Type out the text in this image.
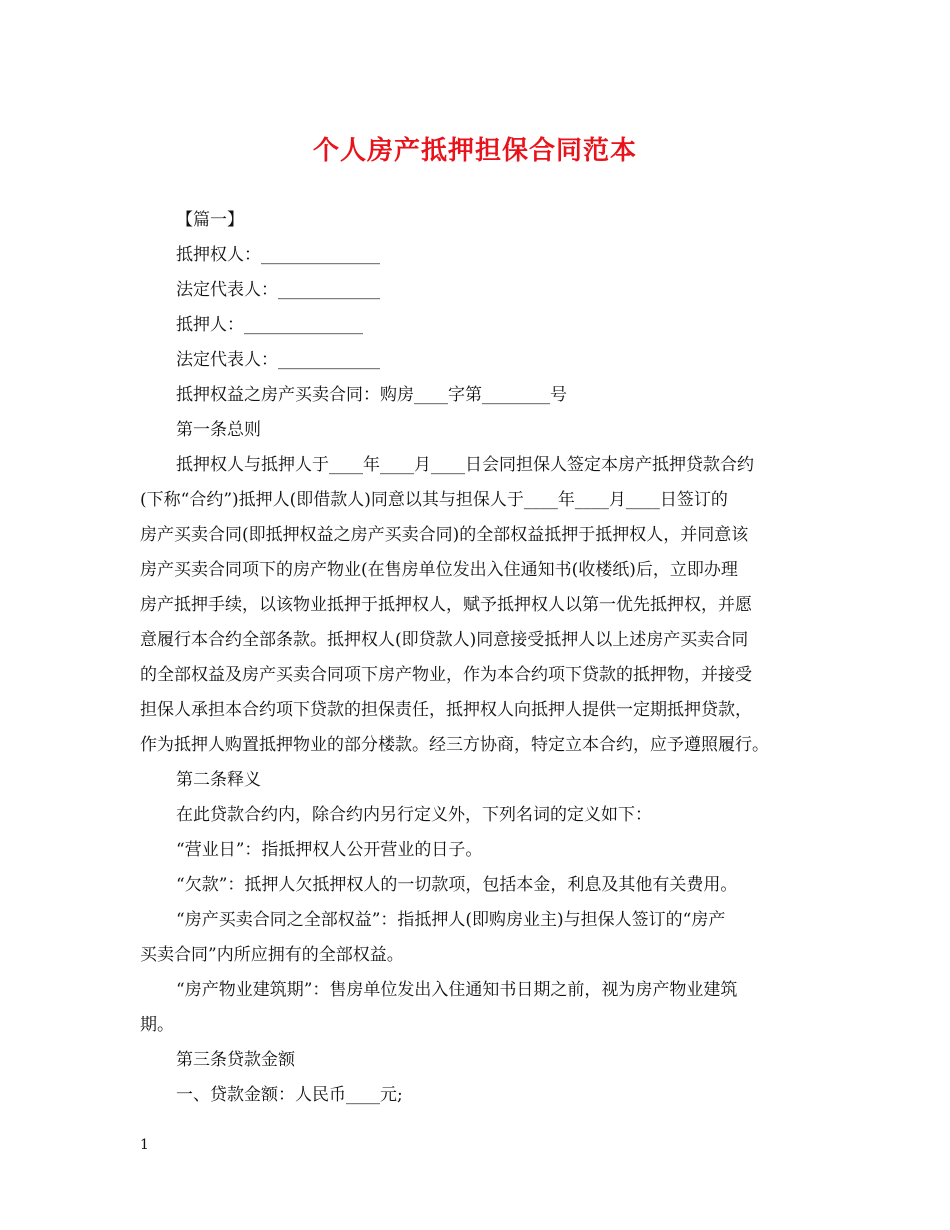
个人房产抵押担保合同范本

【篇一】

抵押权人：______________

法定代表人：____________

抵押人：______________

法定代表人：____________

抵押权益之房产买卖合同：购房____字第________号

第一条总则

抵押权人与抵押人于____年____月____日会同担保人签定本房产抵押贷款合约

(下称“合约”)抵押人(即借款人)同意以其与担保人于____年____月____日签订的

房产买卖合同(即抵押权益之房产买卖合同)的全部权益抵押于抵押权人，并同意该

房产买卖合同项下的房产物业(在售房单位发出入住通知书(收楼纸)后，立即办理

房产抵押手续，以该物业抵押于抵押权人，赋予抵押权人以第一优先抵押权，并愿

意履行本合约全部条款。抵押权人(即贷款人)同意接受抵押人以上述房产买卖合同

的全部权益及房产买卖合同项下房产物业，作为本合约项下贷款的抵押物，并接受

担保人承担本合约项下贷款的担保责任，抵押权人向抵押人提供一定期抵押贷款，

作为抵押人购置抵押物业的部分楼款。经三方协商，特定立本合约，应予遵照履行。

第二条释义

在此贷款合约内，除合约内另行定义外，下列名词的定义如下：

“营业日”：指抵押权人公开营业的日子。

“欠款”：抵押人欠抵押权人的一切款项，包括本金，利息及其他有关费用。

“房产买卖合同之全部权益”：指抵押人(即购房业主)与担保人签订的“房产

买卖合同”内所应拥有的全部权益。

“房产物业建筑期”：售房单位发出入住通知书日期之前，视为房产物业建筑

期。

第三条贷款金额

一、贷款金额：人民币____元;

1
